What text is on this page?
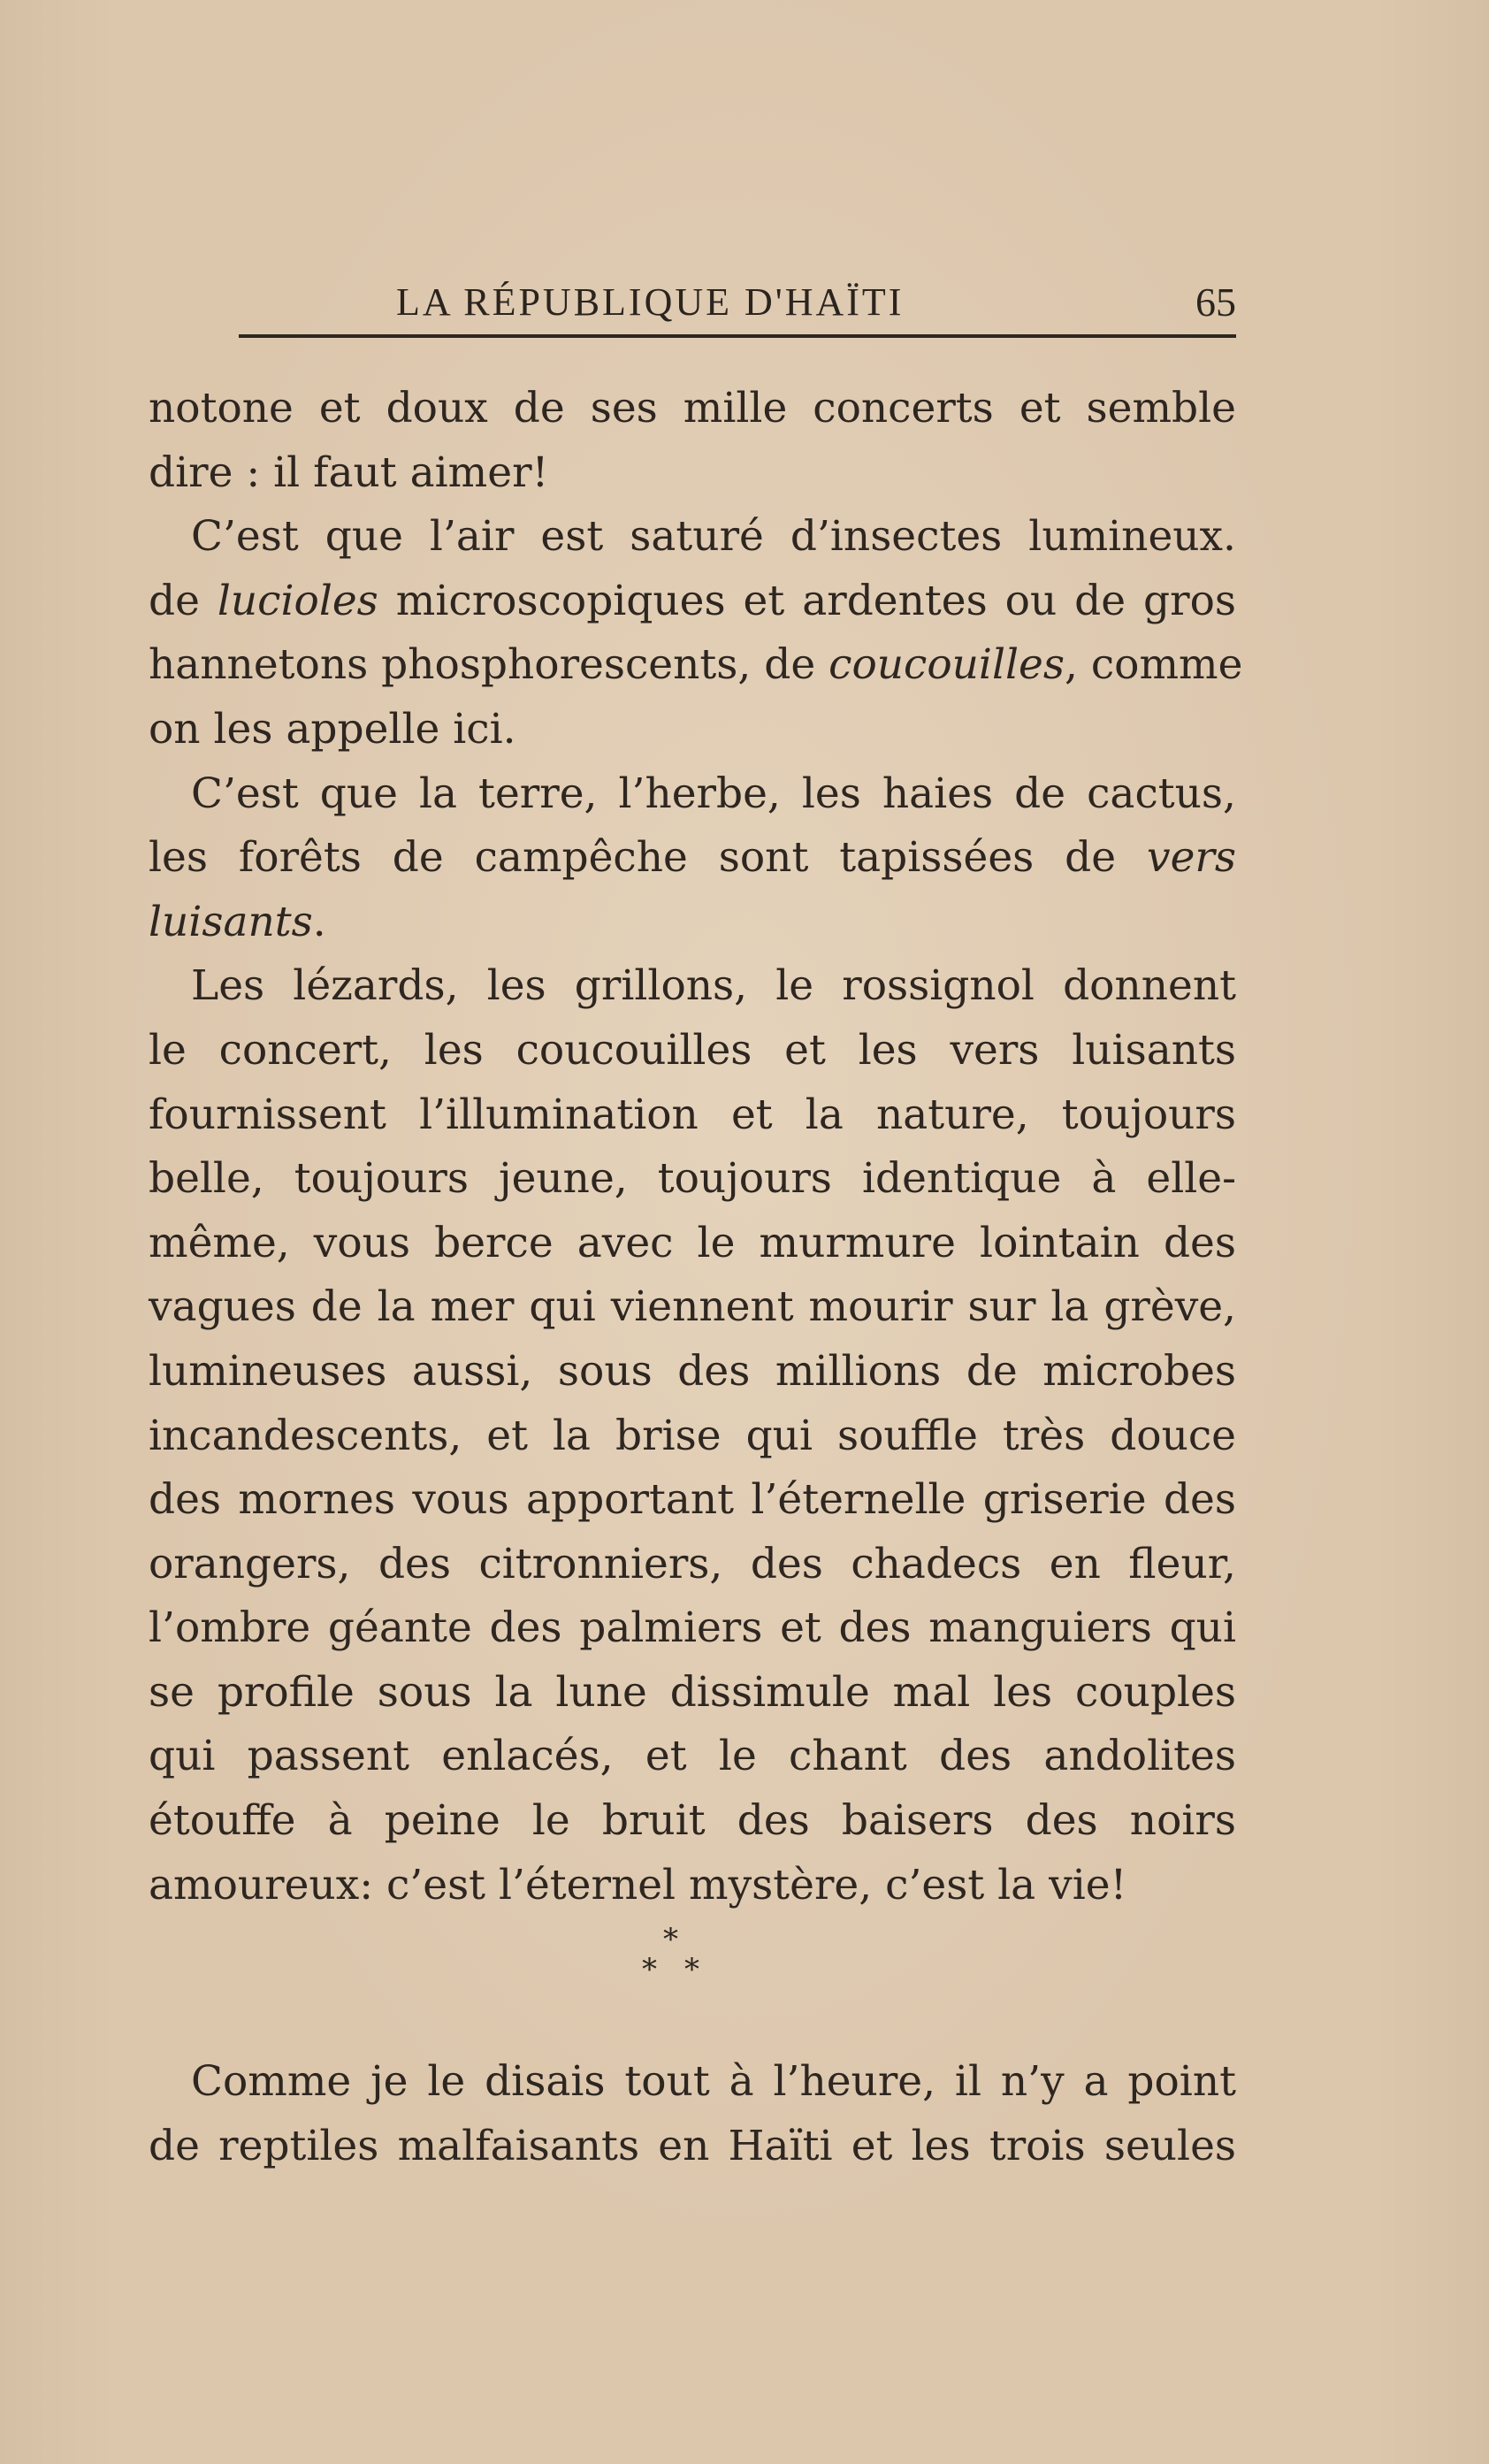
LA RÉPUBLIQUE D'HAÏTI	65
notone et doux de ses mille concerts et semble
dire : il faut aimer!
C’est que l’air est saturé d’insectes lumineux.
de lucioles microscopiques et ardentes ou de gros
hannetons phosphorescents, de coucouilles, comme
on les appelle ici.
C’est que la terre, l’herbe, les haies de cactus,
les forêts de campêche sont tapissées de vers
luisants.
Les lézards, les grillons, le rossignol donnent
le concert, les coucouilles et les vers luisants
fournissent l’illumination et la nature, toujours
belle, toujours jeune, toujours identique à elle-
même, vous berce avec le murmure lointain des
vagues de la mer qui viennent mourir sur la grève,
lumineuses aussi, sous des millions de microbes
incandescents, et la brise qui souffle très douce
des mornes vous apportant l’éternelle griserie des
orangers, des citronniers, des chadecs en fleur,
l’ombre géante des palmiers et des manguiers qui
se profile sous la lune dissimule mal les couples
qui passent enlacés, et le chant des andolites
étouffe à peine le bruit des baisers des noirs
amoureux: c’est l’éternel mystère, c’est la vie!
*
* *
Comme je le disais tout à l’heure, il n’y a point
de reptiles malfaisants en Haïti et les trois seules
